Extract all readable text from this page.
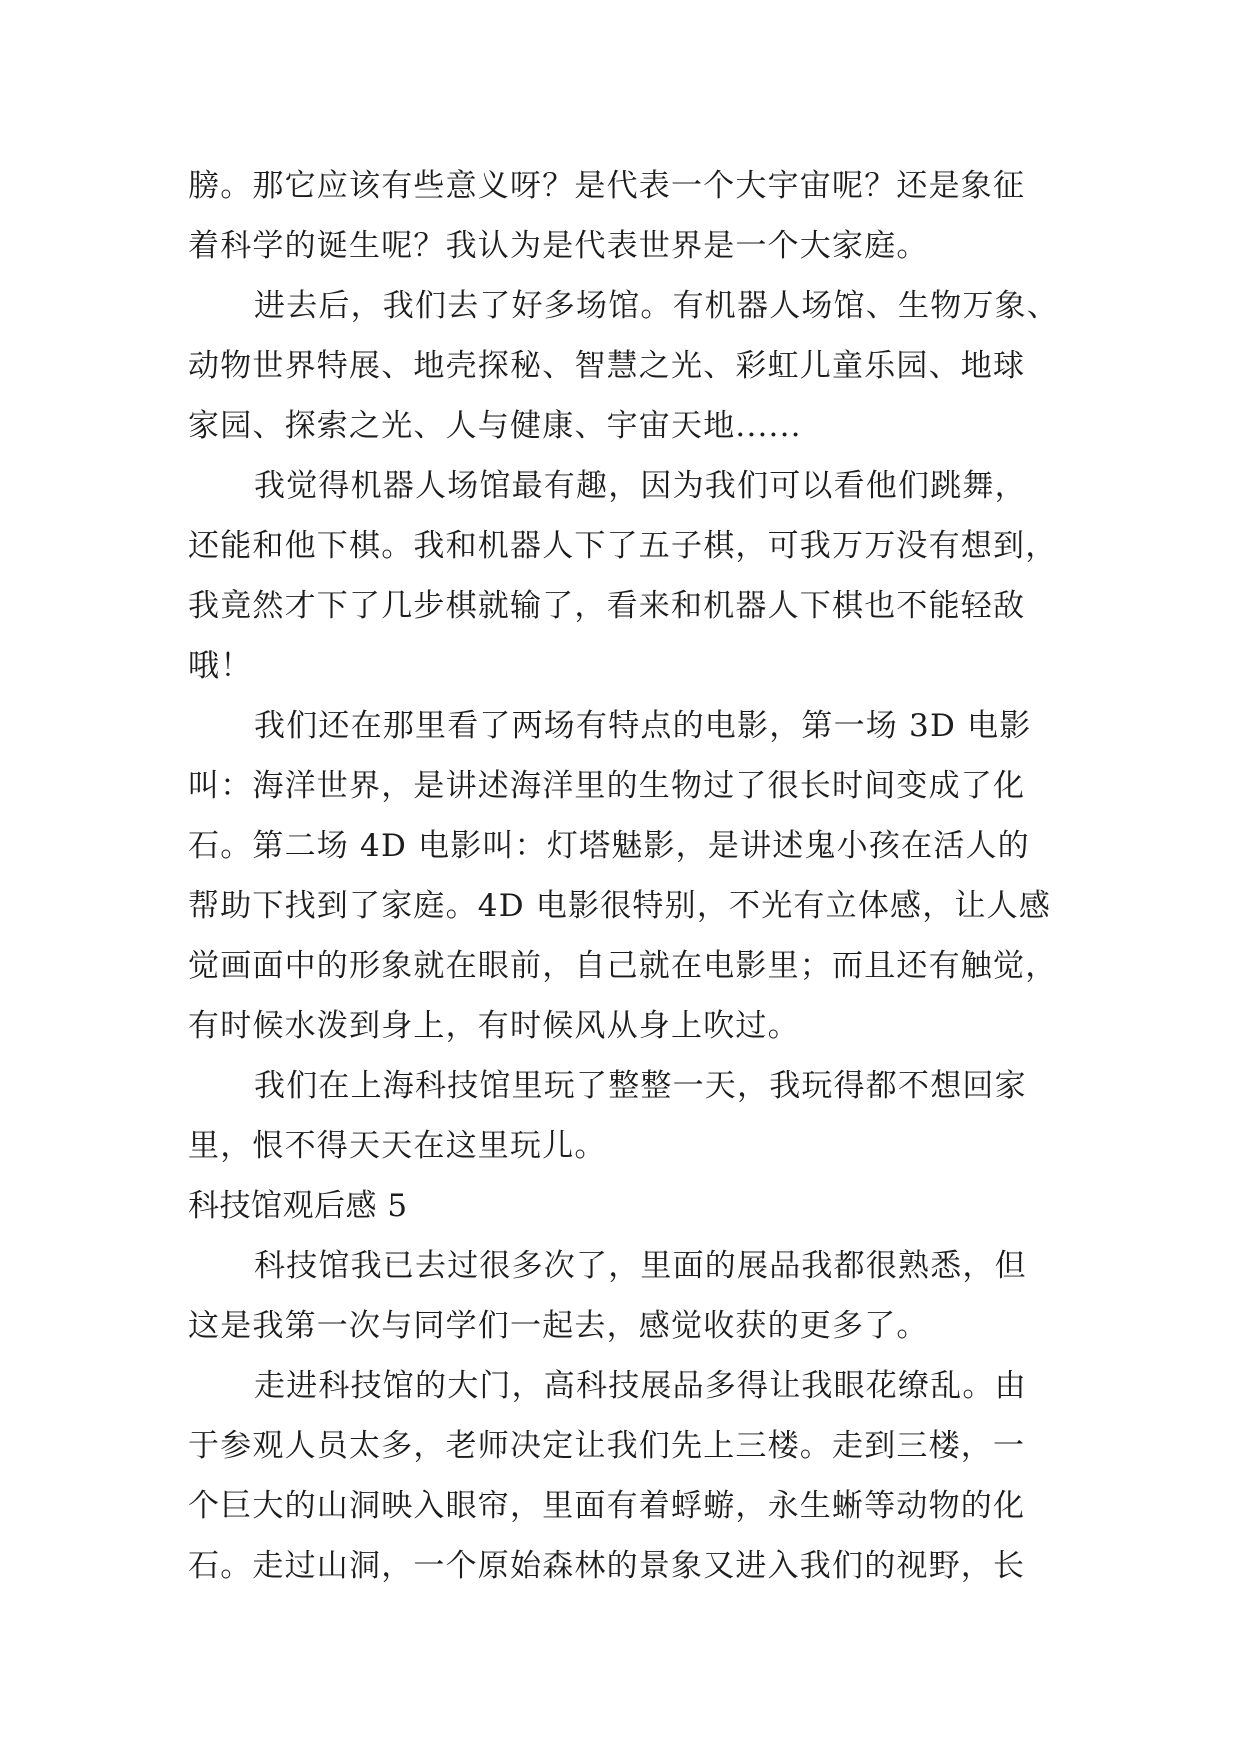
膀。那它应该有些意义呀？是代表一个大宇宙呢？还是象征
着科学的诞生呢？我认为是代表世界是一个大家庭。
进去后，我们去了好多场馆。有机器人场馆、生物万象、
动物世界特展、地壳探秘、智慧之光、彩虹儿童乐园、地球
家园、探索之光、人与健康、宇宙天地......
我觉得机器人场馆最有趣，因为我们可以看他们跳舞，
还能和他下棋。我和机器人下了五子棋，可我万万没有想到，
我竟然才下了几步棋就输了，看来和机器人下棋也不能轻敌
哦！
我们还在那里看了两场有特点的电影，第一场 3D 电影
叫：海洋世界，是讲述海洋里的生物过了很长时间变成了化
石。第二场 4D 电影叫：灯塔魅影，是讲述鬼小孩在活人的
帮助下找到了家庭。4D 电影很特别，不光有立体感，让人感
觉画面中的形象就在眼前，自己就在电影里；而且还有触觉，
有时候水泼到身上，有时候风从身上吹过。
我们在上海科技馆里玩了整整一天，我玩得都不想回家
里，恨不得天天在这里玩儿。
科技馆观后感 5
科技馆我已去过很多次了，里面的展品我都很熟悉，但
这是我第一次与同学们一起去，感觉收获的更多了。
走进科技馆的大门，高科技展品多得让我眼花缭乱。由
于参观人员太多，老师决定让我们先上三楼。走到三楼，一
个巨大的山洞映入眼帘，里面有着蜉蝣，永生蜥等动物的化
石。走过山洞，一个原始森林的景象又进入我们的视野，长
